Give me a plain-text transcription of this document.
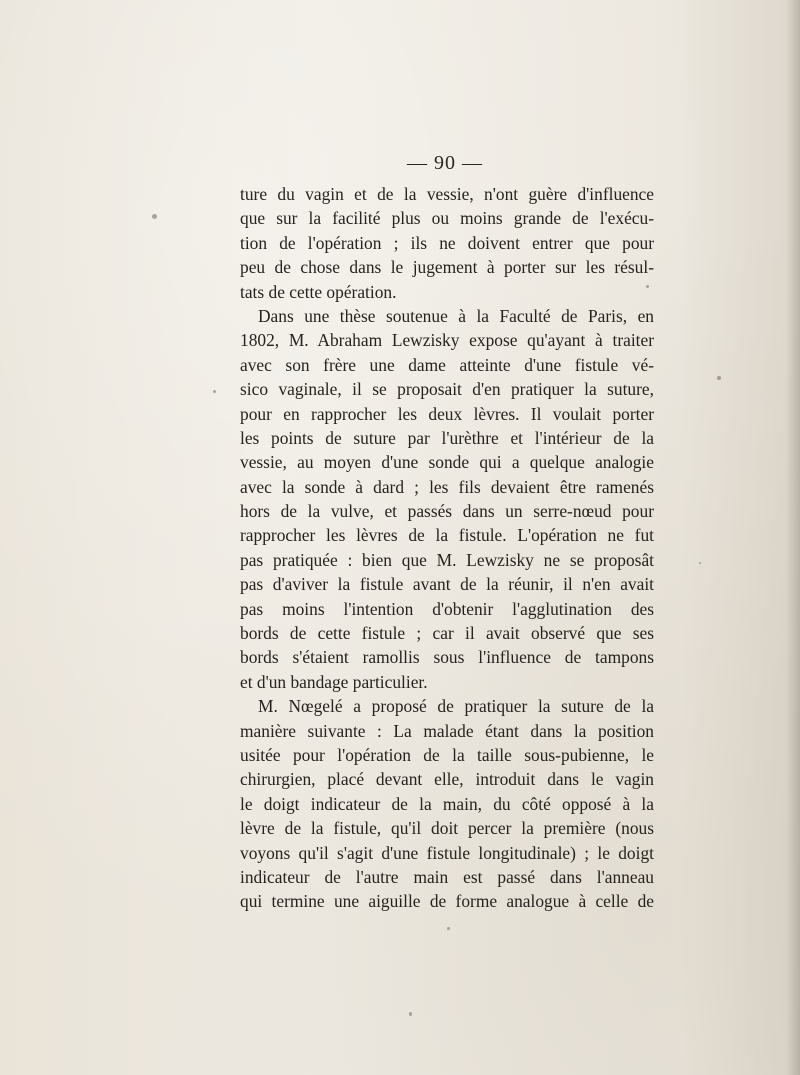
— 90 —
ture du vagin et de la vessie, n'ont guère d'influence
que sur la facilité plus ou moins grande de l'exécu-
tion de l'opération ; ils ne doivent entrer que pour
peu de chose dans le jugement à porter sur les résul-
tats de cette opération.
Dans une thèse soutenue à la Faculté de Paris, en
1802, M. Abraham Lewzisky expose qu'ayant à traiter
avec son frère une dame atteinte d'une fistule vé-
sico vaginale, il se proposait d'en pratiquer la suture,
pour en rapprocher les deux lèvres. Il voulait porter
les points de suture par l'urèthre et l'intérieur de la
vessie, au moyen d'une sonde qui a quelque analogie
avec la sonde à dard ; les fils devaient être ramenés
hors de la vulve, et passés dans un serre-nœud pour
rapprocher les lèvres de la fistule. L'opération ne fut
pas pratiquée : bien que M. Lewzisky ne se proposât
pas d'aviver la fistule avant de la réunir, il n'en avait
pas moins l'intention d'obtenir l'agglutination des
bords de cette fistule ; car il avait observé que ses
bords s'étaient ramollis sous l'influence de tampons
et d'un bandage particulier.
M. Nœgelé a proposé de pratiquer la suture de la
manière suivante : La malade étant dans la position
usitée pour l'opération de la taille sous-pubienne, le
chirurgien, placé devant elle, introduit dans le vagin
le doigt indicateur de la main, du côté opposé à la
lèvre de la fistule, qu'il doit percer la première (nous
voyons qu'il s'agit d'une fistule longitudinale) ; le doigt
indicateur de l'autre main est passé dans l'anneau
qui termine une aiguille de forme analogue à celle de
